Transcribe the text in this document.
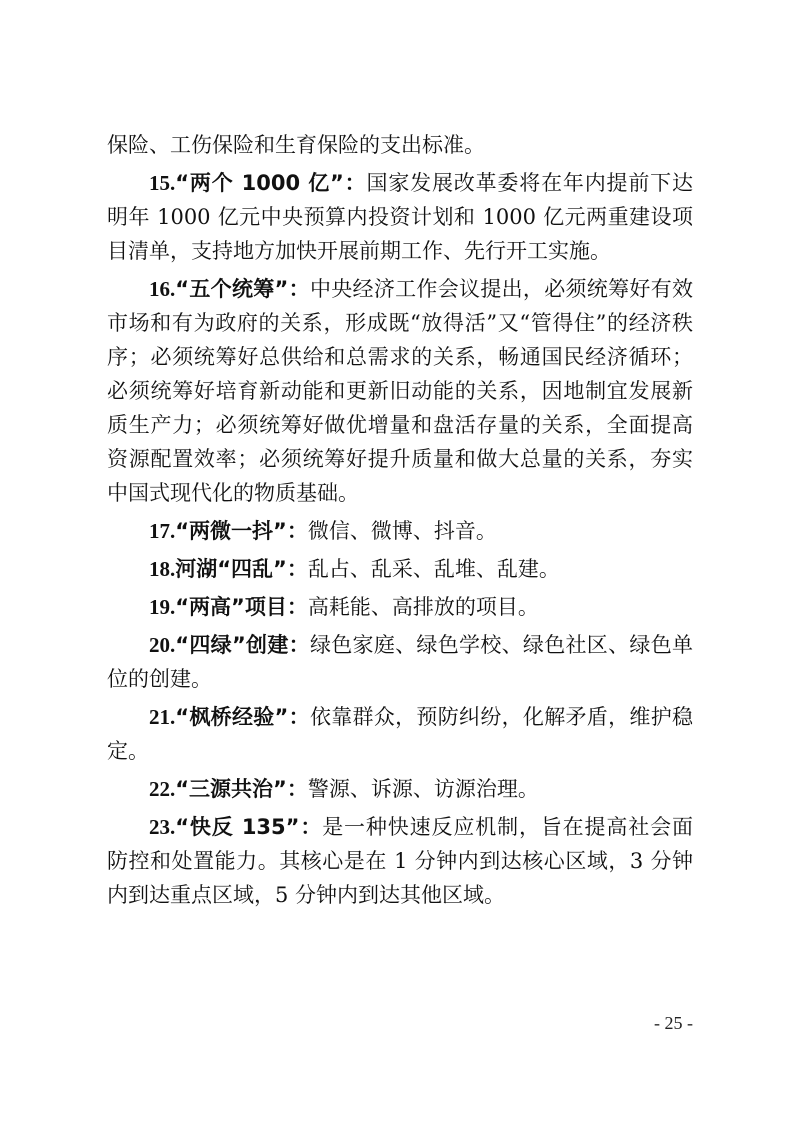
保险、工伤保险和生育保险的支出标准。

15.“两个 1000 亿”：国家发展改革委将在年内提前下达明年 1000 亿元中央预算内投资计划和 1000 亿元两重建设项目清单，支持地方加快开展前期工作、先行开工实施。

16.“五个统筹”：中央经济工作会议提出，必须统筹好有效市场和有为政府的关系，形成既“放得活”又“管得住”的经济秩序；必须统筹好总供给和总需求的关系，畅通国民经济循环；必须统筹好培育新动能和更新旧动能的关系，因地制宜发展新质生产力；必须统筹好做优增量和盘活存量的关系，全面提高资源配置效率；必须统筹好提升质量和做大总量的关系，夯实中国式现代化的物质基础。

17.“两微一抖”：微信、微博、抖音。

18.河湖“四乱”：乱占、乱采、乱堆、乱建。

19.“两高”项目：高耗能、高排放的项目。

20.“四绿”创建：绿色家庭、绿色学校、绿色社区、绿色单位的创建。

21.“枫桥经验”：依靠群众，预防纠纷，化解矛盾，维护稳定。

22.“三源共治”：警源、诉源、访源治理。

23.“快反 135”：是一种快速反应机制，旨在提高社会面防控和处置能力。其核心是在 1 分钟内到达核心区域，3 分钟内到达重点区域，5 分钟内到达其他区域。

- 25 -
